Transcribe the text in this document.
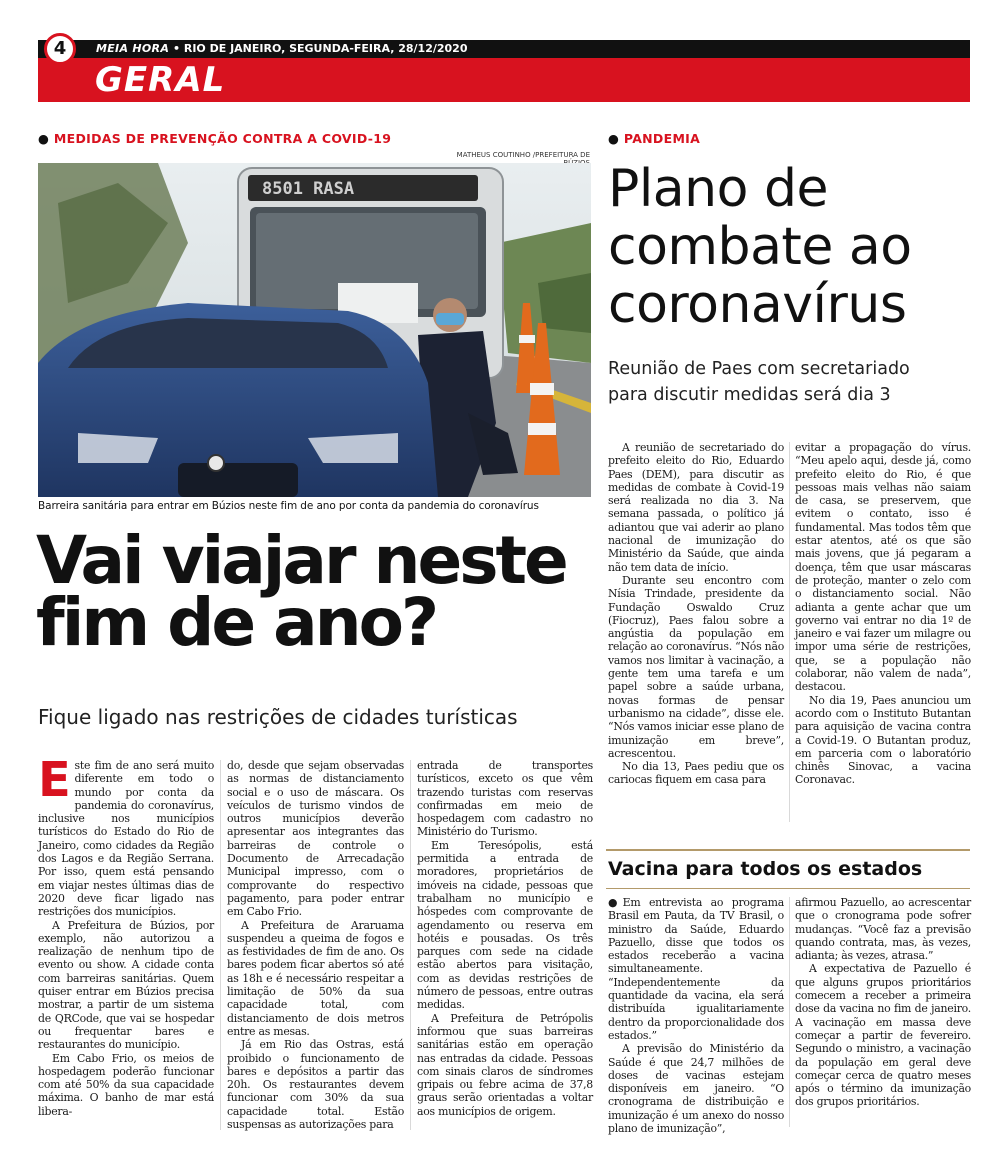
4	MEIA HORA • RIO DE JANEIRO, SEGUNDA-FEIRA, 28/12/2020
GERAL
● MEDIDAS DE PREVENÇÃO CONTRA A COVID-19
MATHEUS COUTINHO /PREFEITURA DE
8501 RASA
Barreira sanitária para entrar em Búzios neste fim de ano por conta da pandemia do coronavírus
Vai viajar neste
fim de ano?
Fique ligado nas restrições de cidades turísticas

Este fim de ano será muito diferente em todo o mundo por conta da pandemia do coronavírus, inclusive nos municípios turísticos do Estado do Rio de Janeiro, como cidades da Região dos Lagos e da Região Serrana. Por isso, quem está pensando em viajar nestes últimas dias de 2020 deve ficar ligado nas restrições dos municípios.

A Prefeitura de Búzios, por exemplo, não autorizou a realização de nenhum tipo de evento ou show. A cidade conta com barreiras sanitárias. Quem quiser entrar em Búzios precisa mostrar, a partir de um sistema de QRCode, que vai se hospedar ou frequentar bares e restaurantes do município.

Em Cabo Frio, os meios de hospedagem poderão funcionar com até 50% da sua capacidade máxima. O banho de mar está libera-

do, desde que sejam observadas as normas de distanciamento social e o uso de máscara. Os veículos de turismo vindos de outros municípios deverão apresentar aos integrantes das barreiras de controle o Documento de Arrecadação Municipal impresso, com o comprovante do respectivo pagamento, para poder entrar em Cabo Frio.

A Prefeitura de Araruama suspendeu a queima de fogos e as festividades de fim de ano. Os bares podem ficar abertos só até as 18h e é necessário respeitar a limitação de 50% da sua capacidade total, com distanciamento de dois metros entre as mesas.

Já em Rio das Ostras, está proibido o funcionamento de bares e depósitos a partir das 20h. Os restaurantes devem funcionar com 30% da sua capacidade total. Estão suspensas as autorizações para

entrada de transportes turísticos, exceto os que vêm trazendo turistas com reservas confirmadas em meio de hospedagem com cadastro no Ministério do Turismo.

Em Teresópolis, está permitida a entrada de moradores, proprietários de imóveis na cidade, pessoas que trabalham no município e hóspedes com comprovante de agendamento ou reserva em hotéis e pousadas. Os três parques com sede na cidade estão abertos para visitação, com as devidas restrições de número de pessoas, entre outras medidas.

A Prefeitura de Petrópolis informou que suas barreiras sanitárias estão em operação nas entradas da cidade. Pessoas com sinais claros de síndromes gripais ou febre acima de 37,8 graus serão orientadas a voltar aos municípios de origem.

● PANDEMIA
Plano de
combate ao
coronavírus
Reunião de Paes com secretariado
para discutir medidas será dia 3

A reunião de secretariado do prefeito eleito do Rio, Eduardo Paes (DEM), para discutir as medidas de combate à Covid-19 será realizada no dia 3. Na semana passada, o político já adiantou que vai aderir ao plano nacional de imunização do Ministério da Saúde, que ainda não tem data de início.

Durante seu encontro com Nísia Trindade, presidente da Fundação Oswaldo Cruz (Fiocruz), Paes falou sobre a angústia da população em relação ao coronavírus. “Nós não vamos nos limitar à vacinação, a gente tem uma tarefa e um papel sobre a saúde urbana, novas formas de pensar urbanismo na cidade”, disse ele. “Nós vamos iniciar esse plano de imunização em breve”, acrescentou.

No dia 13, Paes pediu que os cariocas fiquem em casa para

evitar a propagação do vírus. “Meu apelo aqui, desde já, como prefeito eleito do Rio, é que pessoas mais velhas não saiam de casa, se preservem, que evitem o contato, isso é fundamental. Mas todos têm que estar atentos, até os que são mais jovens, que já pegaram a doença, têm que usar máscaras de proteção, manter o zelo com o distanciamento social. Não adianta a gente achar que um governo vai entrar no dia 1º de janeiro e vai fazer um milagre ou impor uma série de restrições, que, se a população não colaborar, não valem de nada”, destacou.

No dia 19, Paes anunciou um acordo com o Instituto Butantan para aquisição de vacina contra a Covid-19. O Butantan produz, em parceria com o laboratório chinês Sinovac, a vacina Coronavac.

Vacina para todos os estados

●Em entrevista ao programa Brasil em Pauta, da TV Brasil, o ministro da Saúde, Eduardo Pazuello, disse que todos os estados receberão a vacina simultaneamente. “Independentemente da quantidade da vacina, ela será distribuída igualitariamente dentro da proporcionalidade dos estados.”

A previsão do Ministério da Saúde é que 24,7 milhões de doses de vacinas estejam disponíveis em janeiro. “O cronograma de distribuição e imunização é um anexo do nosso plano de imunização”,

afirmou Pazuello, ao acrescentar que o cronograma pode sofrer mudanças. “Você faz a previsão quando contrata, mas, às vezes, adianta; às vezes, atrasa.”

A expectativa de Pazuello é que alguns grupos prioritários comecem a receber a primeira dose da vacina no fim de janeiro. A vacinação em massa deve começar a partir de fevereiro. Segundo o ministro, a vacinação da população em geral deve começar cerca de quatro meses após o término da imunização dos grupos prioritários.
